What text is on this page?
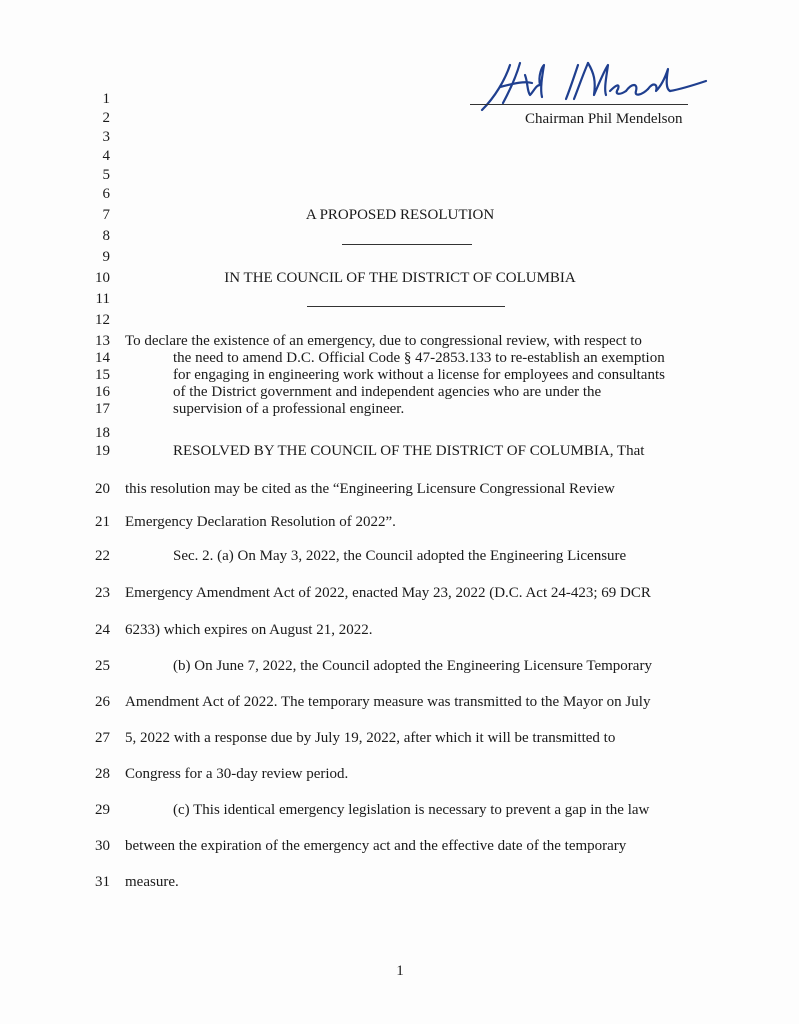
Chairman Phil Mendelson
1
2
3
4
5
6
7
8
9
10
11
12
13
14
15
16
17
18
19
20
21
22
23
24
25
26
27
28
29
30
31
A PROPOSED RESOLUTION
IN THE COUNCIL OF THE DISTRICT OF COLUMBIA
To declare the existence of an emergency, due to congressional review, with respect to
the need to amend D.C. Official Code § 47-2853.133 to re-establish an exemption
for engaging in engineering work without a license for employees and consultants
of the District government and independent agencies who are under the
supervision of a professional engineer.
RESOLVED BY THE COUNCIL OF THE DISTRICT OF COLUMBIA, That
this resolution may be cited as the “Engineering Licensure Congressional Review
Emergency Declaration Resolution of 2022”.
Sec. 2. (a) On May 3, 2022, the Council adopted the Engineering Licensure
Emergency Amendment Act of 2022, enacted May 23, 2022 (D.C. Act 24-423; 69 DCR
6233) which expires on August 21, 2022.
(b) On June 7, 2022, the Council adopted the Engineering Licensure Temporary
Amendment Act of 2022. The temporary measure was transmitted to the Mayor on July
5, 2022 with a response due by July 19, 2022, after which it will be transmitted to
Congress for a 30-day review period.
(c) This identical emergency legislation is necessary to prevent a gap in the law
between the expiration of the emergency act and the effective date of the temporary
measure.
1
